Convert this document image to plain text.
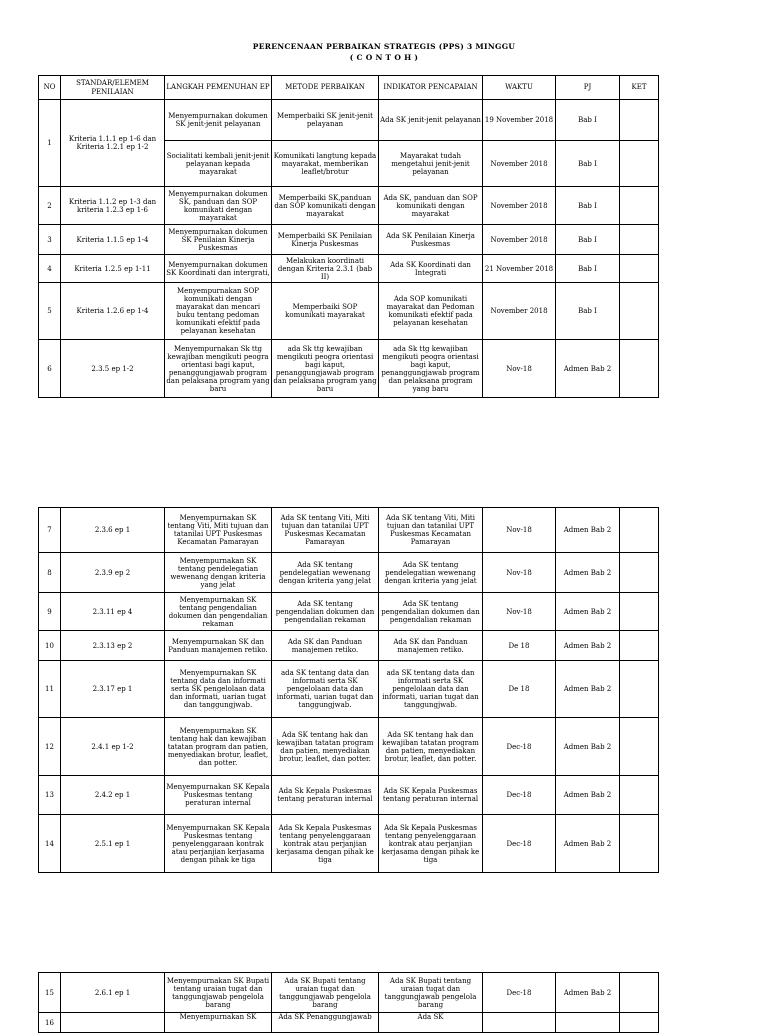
PERENCENAAN PERBAIKAN STRATEGIS (PPS) 3 MINGGU
( C O N T O H )
NO	STANDAR/ELEMEM PENILAIAN	LANGKAH PEMENUHAN EP	METODE PERBAIKAN	INDIKATOR PENCAPAIAN	WAKTU	PJ	KET
1	Kriteria 1.1.1 ep 1-6 dan Kriteria 1.2.1 ep 1-2	Menyempurnakan dokumen SK jenit-jenit pelayanan	Memperbaiki SK jenit-jenit pelayanan	Ada SK jenit-jenit pelayanan	19 November 2018	Bab I	
		Socialitati kembali jenit-jenit pelayanan kepada mayarakat	Komunikati langtung kepada mayarakat, memberikan leaflet/brotur	Mayarakat tudah mengetahui jenit-jenit pelayanan	November 2018	Bab I	
2	Kriteria 1.1.2 ep 1-3 dan kriteria 1.2.3 ep 1-6	Menyempurnakan dokumen SK, panduan dan SOP komunikati dengan mayarakat	Memperbaiki SK,panduan dan SOP komunikati dengan mayarakat	Ada SK, panduan dan SOP komunikati dengan mayarakat	November 2018	Bab I	
3	Kriteria 1.1.5 ep 1-4	Menyempurnakan dokumen SK Penilaian Kinerja Puskesmas	Memperbaiki SK Penilaian Kinerja Puskesmas	Ada SK Penilaian Kinerja Puskesmas	November 2018	Bab I	
4	Kriteria 1.2.5 ep 1-11	Menyempurnakan dokumen SK Koordinati dan intergrati,	Melakukan koordinati dengan Kriteria 2.3.1 (bab II)	Ada SK Koordinati dan Integrati	21 November 2018	Bab I	
5	Kriteria 1.2.6 ep 1-4	Menyempurnakan SOP komunikati dengan mayarakat dan mencari buku tentang pedoman komunikati efektif pada pelayanan kesehatan	Memperbaiki SOP komunikati mayarakat	Ada SOP komunikati mayarakat dan Pedoman komunikati efektif pada pelayanan kesehatan	November 2018	Bab I	
6	2.3.5 ep 1-2	Menyempurnakan Sk ttg kewajiban mengikuti peogra orientasi bagi kaput, penanggungjawab program dan pelaksana program yang baru	ada Sk ttg kewajiban mengikuti peogra orientasi bagi kaput, penanggungjawab program dan pelaksana program yang baru	ada Sk ttg kewajiban mengikuti peogra orientasi bagi kaput, penanggungjawab program dan pelaksana program yang baru	Nov-18	Admen Bab 2	
7	2.3.6 ep 1	Menyempurnakan SK tentang Viti, Miti tujuan dan tatanilai UPT Puskesmas Kecamatan Pamarayan	Ada SK tentang Viti, Miti tujuan dan tatanilai UPT Puskesmas Kecamatan Pamarayan	Ada SK tentang Viti, Miti tujuan dan tatanilai UPT Puskesmas Kecamatan Pamarayan	Nov-18	Admen Bab 2	
8	2.3.9 ep 2	Menyempurnakan SK tentang pendelegatian wewenang dengan kriteria yang jelat	Ada SK tentang pendelegatian wewenang dengan kriteria yang jelat	Ada SK tentang pendelegatian wewenang dengan kriteria yang jelat	Nov-18	Admen Bab 2	
9	2.3.11 ep 4	Menyempurnakan SK tentang pengendalian dokumen dan pengendalian rekaman	Ada SK tentang pengendalian dokumen dan pengendalian rekaman	Ada SK tentang pengendalian dokumen dan pengendalian rekaman	Nov-18	Admen Bab 2	
10	2.3.13 ep 2	Menyempurnakan SK dan Panduan manajemen retiko.	Ada SK dan Panduan manajemen retiko.	Ada SK dan Panduan manajemen retiko.	De 18	Admen Bab 2	
11	2.3.17 ep 1	Menyempurnakan SK tentang data dan informati serta SK pengelolaan data dan informati, uarian tugat dan tanggungjwab.	ada SK tentang data dan informati serta SK pengelolaan data dan informati, uarian tugat dan tanggungjwab.	ada SK tentang data dan informati serta SK pengelolaan data dan informati, uarian tugat dan tanggungjwab.	De 18	Admen Bab 2	
12	2.4.1 ep 1-2	Menyempurnakan SK tentang hak dan kewajiban tatatan program dan patien, menyediakan brotur, leaflet, dan potter.	Ada SK tentang hak dan kewajiban tatatan program dan patien, menyediakan brotur, leaflet, dan potter.	Ada SK tentang hak dan kewajiban tatatan program dan patien, menyediakan brotur, leaflet, dan potter.	Dec-18	Admen Bab 2	
13	2.4.2 ep 1	Menyempurnakan SK Kepala Puskesmas tentang peraturan internal	Ada Sk Kepala Puskesmas tentang peraturan internal	Ada SK Kepala Puskesmas tentang peraturan internal	Dec-18	Admen Bab 2	
14	2.5.1 ep 1	Menyempurnakan SK Kepala Puskesmas tentang penyelenggaraan kontrak atau perjanjian kerjasama dengan pihak ke tiga	Ada Sk Kepala Puskesmas tentang penyelenggaraan kontrak atau perjanjian kerjasama dengan pihak ke tiga	Ada Sk Kepala Puskesmas tentang penyelenggaraan kontrak atau perjanjian kerjasama dengan pihak ke tiga	Dec-18	Admen Bab 2	
15	2.6.1 ep 1	Menyempurnakan SK Bupati tentang uraian tugat dan tanggungjawab pengelola barang	Ada SK Bupati tentang uraian tugat dan tanggungjawab pengelola barang	Ada SK Bupati tentang uraian tugat dan tanggungjawab pengelola barang	Dec-18	Admen Bab 2	
16		Menyempurnakan SK	Ada SK Penanggungjawab	Ada SK			
